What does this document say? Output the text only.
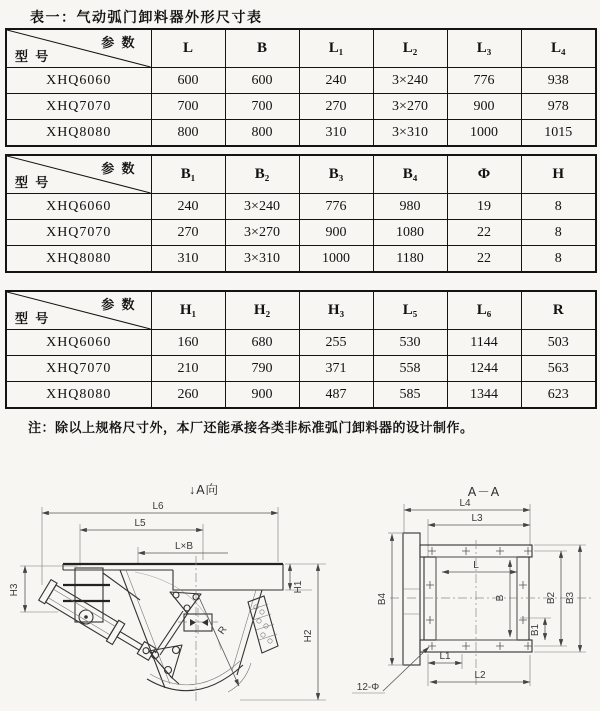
表一：气动弧门卸料器外形尺寸表
参 数
型 号	L	B	L₁	L₂	L₃	L₄
XHQ6060	600	600	240	3×240	776	938
XHQ7070	700	700	270	3×270	900	978
XHQ8080	800	800	310	3×310	1000	1015
参 数
型 号	B₁	B₂	B₃	B₄	Φ	H
XHQ6060	240	3×240	776	980	19	8
XHQ7070	270	3×270	900	1080	22	8
XHQ8080	310	3×310	1000	1180	22	8
参 数
型 号	H₁	H₂	H₃	L₅	L₆	R
XHQ6060	160	680	255	530	1144	503
XHQ7070	210	790	371	558	1244	563
XHQ8080	260	900	487	585	1344	623
注：除以上规格尺寸外，本厂还能承接各类非标准弧门卸料器的设计制作。
↓A向
L6
L5
L×B
R
H1
H2
H3
A－A
L4
L3
L
B
B4	B2 B3
B1
L1
L2
12-Φ
